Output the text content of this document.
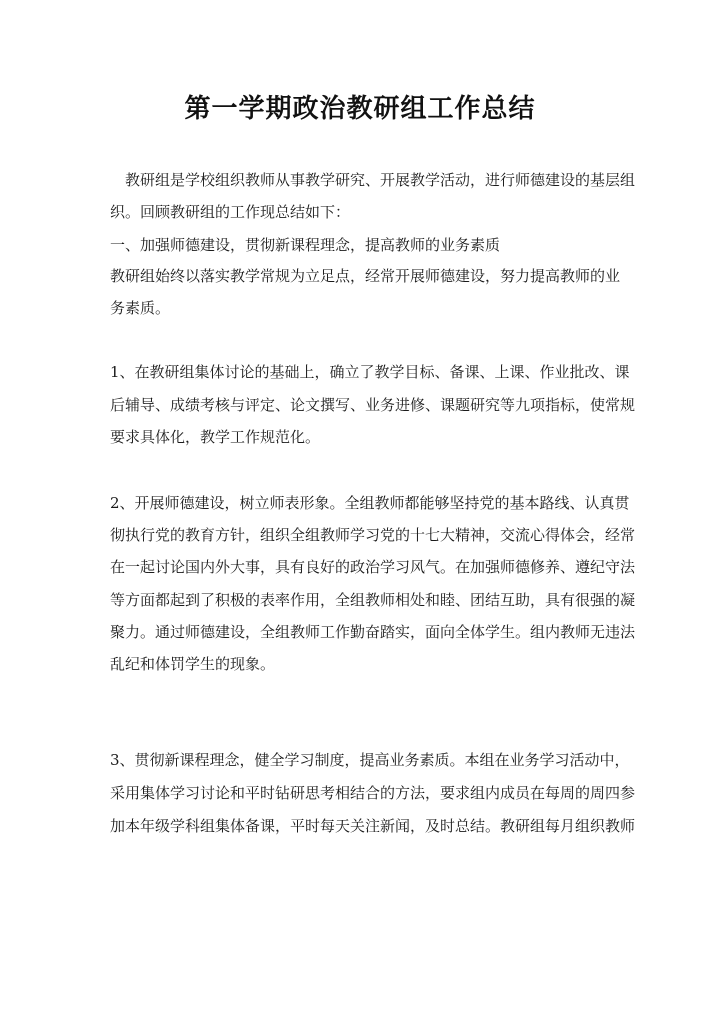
第一学期政治教研组工作总结
　教研组是学校组织教师从事教学研究、开展教学活动，进行师德建设的基层组
织。回顾教研组的工作现总结如下：
一、加强师德建设，贯彻新课程理念，提高教师的业务素质
教研组始终以落实教学常规为立足点，经常开展师德建设，努力提高教师的业
务素质。
1、在教研组集体讨论的基础上，确立了教学目标、备课、上课、作业批改、课
后辅导、成绩考核与评定、论文撰写、业务进修、课题研究等九项指标，使常规
要求具体化，教学工作规范化。
2、开展师德建设，树立师表形象。全组教师都能够坚持党的基本路线、认真贯
彻执行党的教育方针，组织全组教师学习党的十七大精神，交流心得体会，经常
在一起讨论国内外大事，具有良好的政治学习风气。在加强师德修养、遵纪守法
等方面都起到了积极的表率作用，全组教师相处和睦、团结互助，具有很强的凝
聚力。通过师德建设，全组教师工作勤奋踏实，面向全体学生。组内教师无违法
乱纪和体罚学生的现象。
3、贯彻新课程理念，健全学习制度，提高业务素质。本组在业务学习活动中，
采用集体学习讨论和平时钻研思考相结合的方法，要求组内成员在每周的周四参
加本年级学科组集体备课，平时每天关注新闻，及时总结。教研组每月组织教师
